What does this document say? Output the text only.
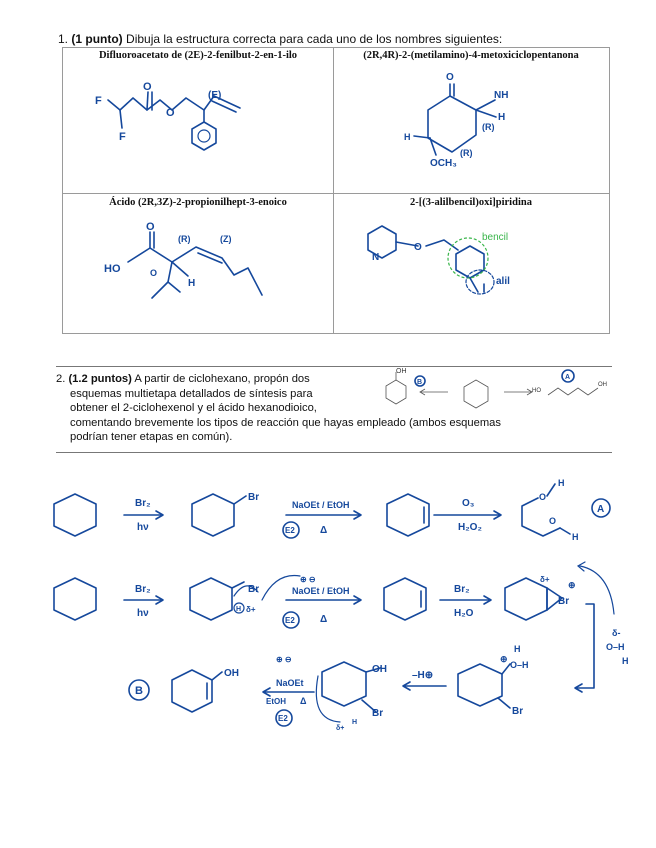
1. (1 punto) Dibuja la estructura correcta para cada uno de los nombres siguientes:
Difluoroacetato de (2E)-2-fenilbut-2-en-1-ilo	(2R,4R)-2-(metilamino)-4-metoxiciclopentanona
Ácido (2R,3Z)-2-propionilhept-3-enoico	2-[(3-alilbencil)oxi]piridina
2. (1.2 puntos) A partir de ciclohexano, propón dos
esquemas multietapa detallados de síntesis para
obtener el 2-ciclohexenol y el ácido hexanodioico,
comentando brevemente los tipos de reacción que hayas empleado (ambos esquemas
podrían tener etapas en común).
F
F
O
O
(E)
O
NH
H
(R)
H
OCH₃
(R)
O
HO
(R)	(Z)
H
O
N
O
bencil
alil
OH
B
A
HO
OH
Br₂
hν
Br
NaOEt / EtOH
E2	Δ
O₃
H₂O₂
H
H
O
O
A
Br₂
hν
Br
H δ+
⊕ ⊖
NaOEt / EtOH
E2	Δ
Br₂
H₂O
δ+
Br
⊕
δ-
O–H
H
B
OH
⊕ ⊖
NaOEt
EtOH Δ
E2
OH
Br
H
δ+
–H⊕
⊕
O–H
H
Br
